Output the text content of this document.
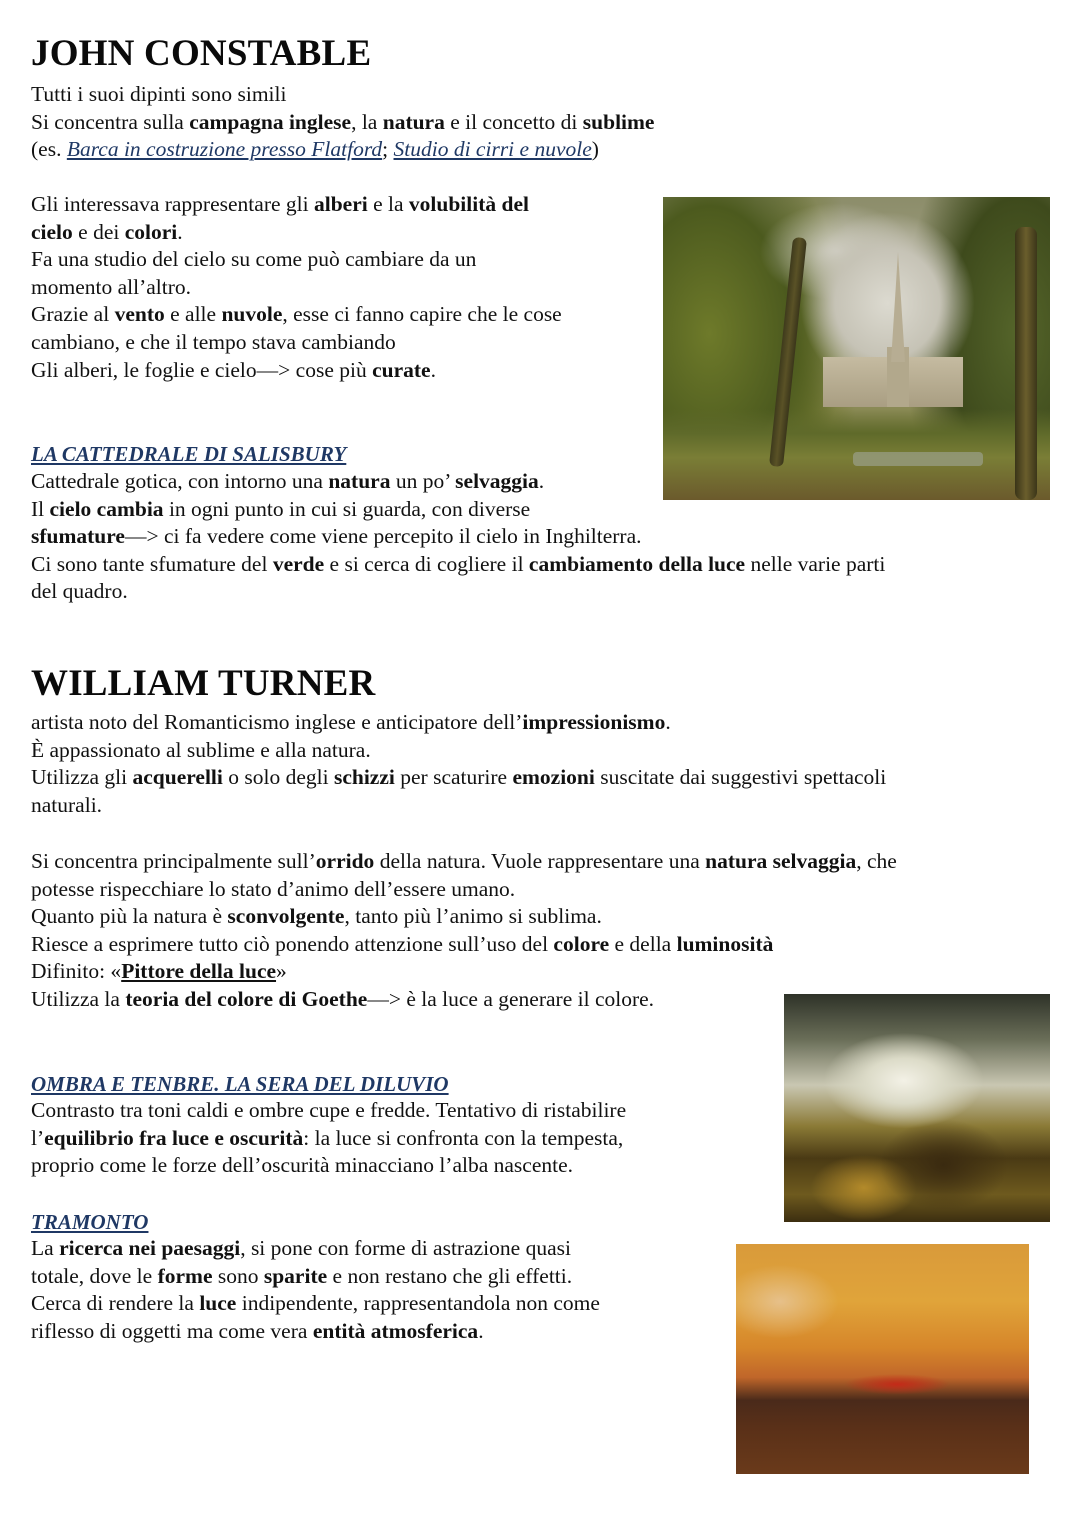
JOHN CONSTABLE

Tutti i suoi dipinti sono simili
Si concentra sulla campagna inglese, la natura e il concetto di sublime
(es. Barca in costruzione presso Flatford; Studio di cirri e nuvole)

Gli interessava rappresentare gli alberi e la volubilità del
cielo e dei colori.
Fa una studio del cielo su come può cambiare da un
momento all’altro.
Grazie al vento e alle nuvole, esse ci fanno capire che le cose
cambiano, e che il tempo stava cambiando
Gli alberi, le foglie e cielo—> cose più curate.

LA CATTEDRALE DI SALISBURY

Cattedrale gotica, con intorno una natura un po’ selvaggia.
Il cielo cambia in ogni punto in cui si guarda, con diverse
sfumature—> ci fa vedere come viene percepito il cielo in Inghilterra.
Ci sono tante sfumature del verde e si cerca di cogliere il cambiamento della luce nelle varie parti
del quadro.

WILLIAM TURNER

artista noto del Romanticismo inglese e anticipatore dell’impressionismo.
È appassionato al sublime e alla natura.
Utilizza gli acquerelli o solo degli schizzi per scaturire emozioni suscitate dai suggestivi spettacoli
naturali.

Si concentra principalmente sull’orrido della natura. Vuole rappresentare una natura selvaggia, che
potesse rispecchiare lo stato d’animo dell’essere umano.
Quanto più la natura è sconvolgente, tanto più l’animo si sublima.
Riesce a esprimere tutto ciò ponendo attenzione sull’uso del colore e della luminosità
Difinito: «Pittore della luce»
Utilizza la teoria del colore di Goethe—> è la luce a generare il colore.

OMBRA E TENBRE. LA SERA DEL DILUVIO

Contrasto tra toni caldi e ombre cupe e fredde. Tentativo di ristabilire
l’equilibrio fra luce e oscurità: la luce si confronta con la tempesta,
proprio come le forze dell’oscurità minacciano l’alba nascente.

TRAMONTO

La ricerca nei paesaggi, si pone con forme di astrazione quasi
totale, dove le forme sono sparite e non restano che gli effetti.
Cerca di rendere la luce indipendente, rappresentandola non come
riflesso di oggetti ma come vera entità atmosferica.
